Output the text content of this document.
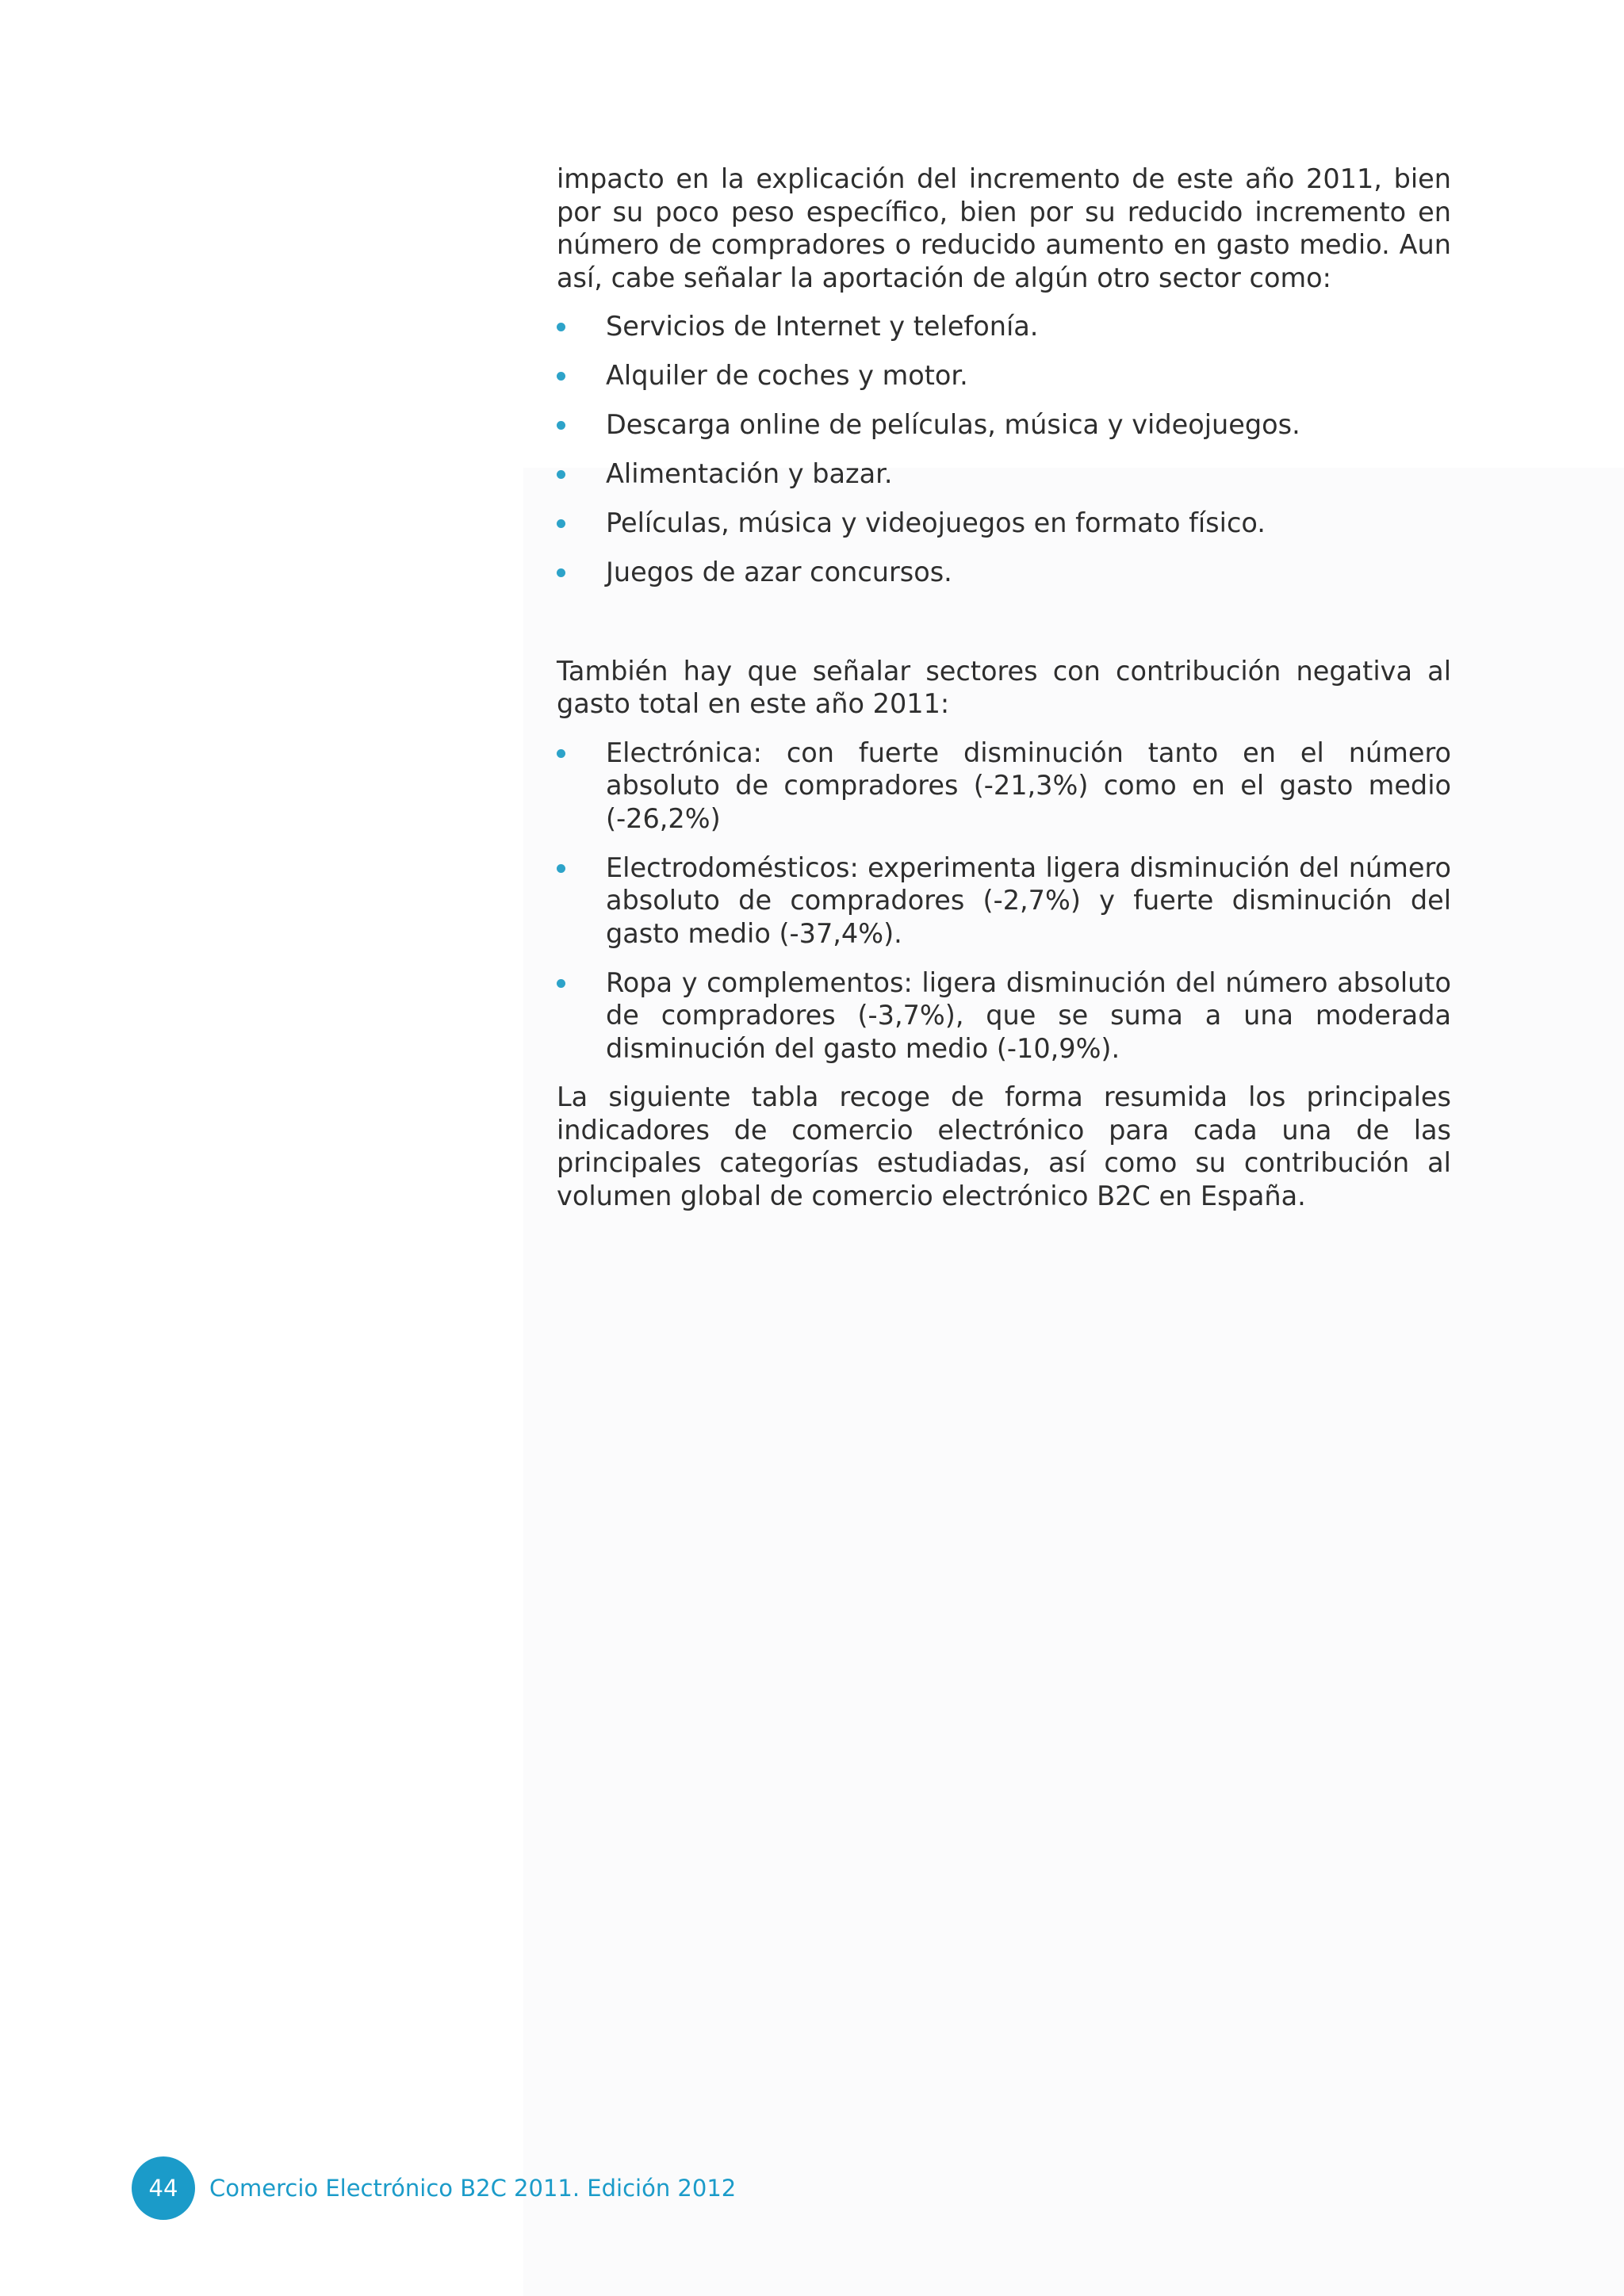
impacto en la explicación del incremento de este año 2011, bien por su poco peso específico, bien por su reducido incremento en número de compradores o reducido aumento en gasto medio. Aun así, cabe señalar la aportación de algún otro sector como:

Servicios de Internet y telefonía.
Alquiler de coches y motor.
Descarga online de películas, música y videojuegos.
Alimentación y bazar.
Películas, música y videojuegos en formato físico.
Juegos de azar concursos.

También hay que señalar sectores con contribución negativa al gasto total en este año 2011:

Electrónica: con fuerte disminución tanto en el número absoluto de compradores (-21,3%) como en el gasto medio (-26,2%)
Electrodomésticos: experimenta ligera disminución del número absoluto de compradores (-2,7%) y fuerte disminución del gasto medio (-37,4%).
Ropa y complementos: ligera disminución del número absoluto de compradores (-3,7%), que se suma a una moderada disminución del gasto medio (-10,9%).

La siguiente tabla recoge de forma resumida los principales indicadores de comercio electrónico para cada una de las principales categorías estudiadas, así como su contribución al volumen global de comercio electrónico B2C en España.

44	Comercio Electrónico B2C 2011. Edición 2012
